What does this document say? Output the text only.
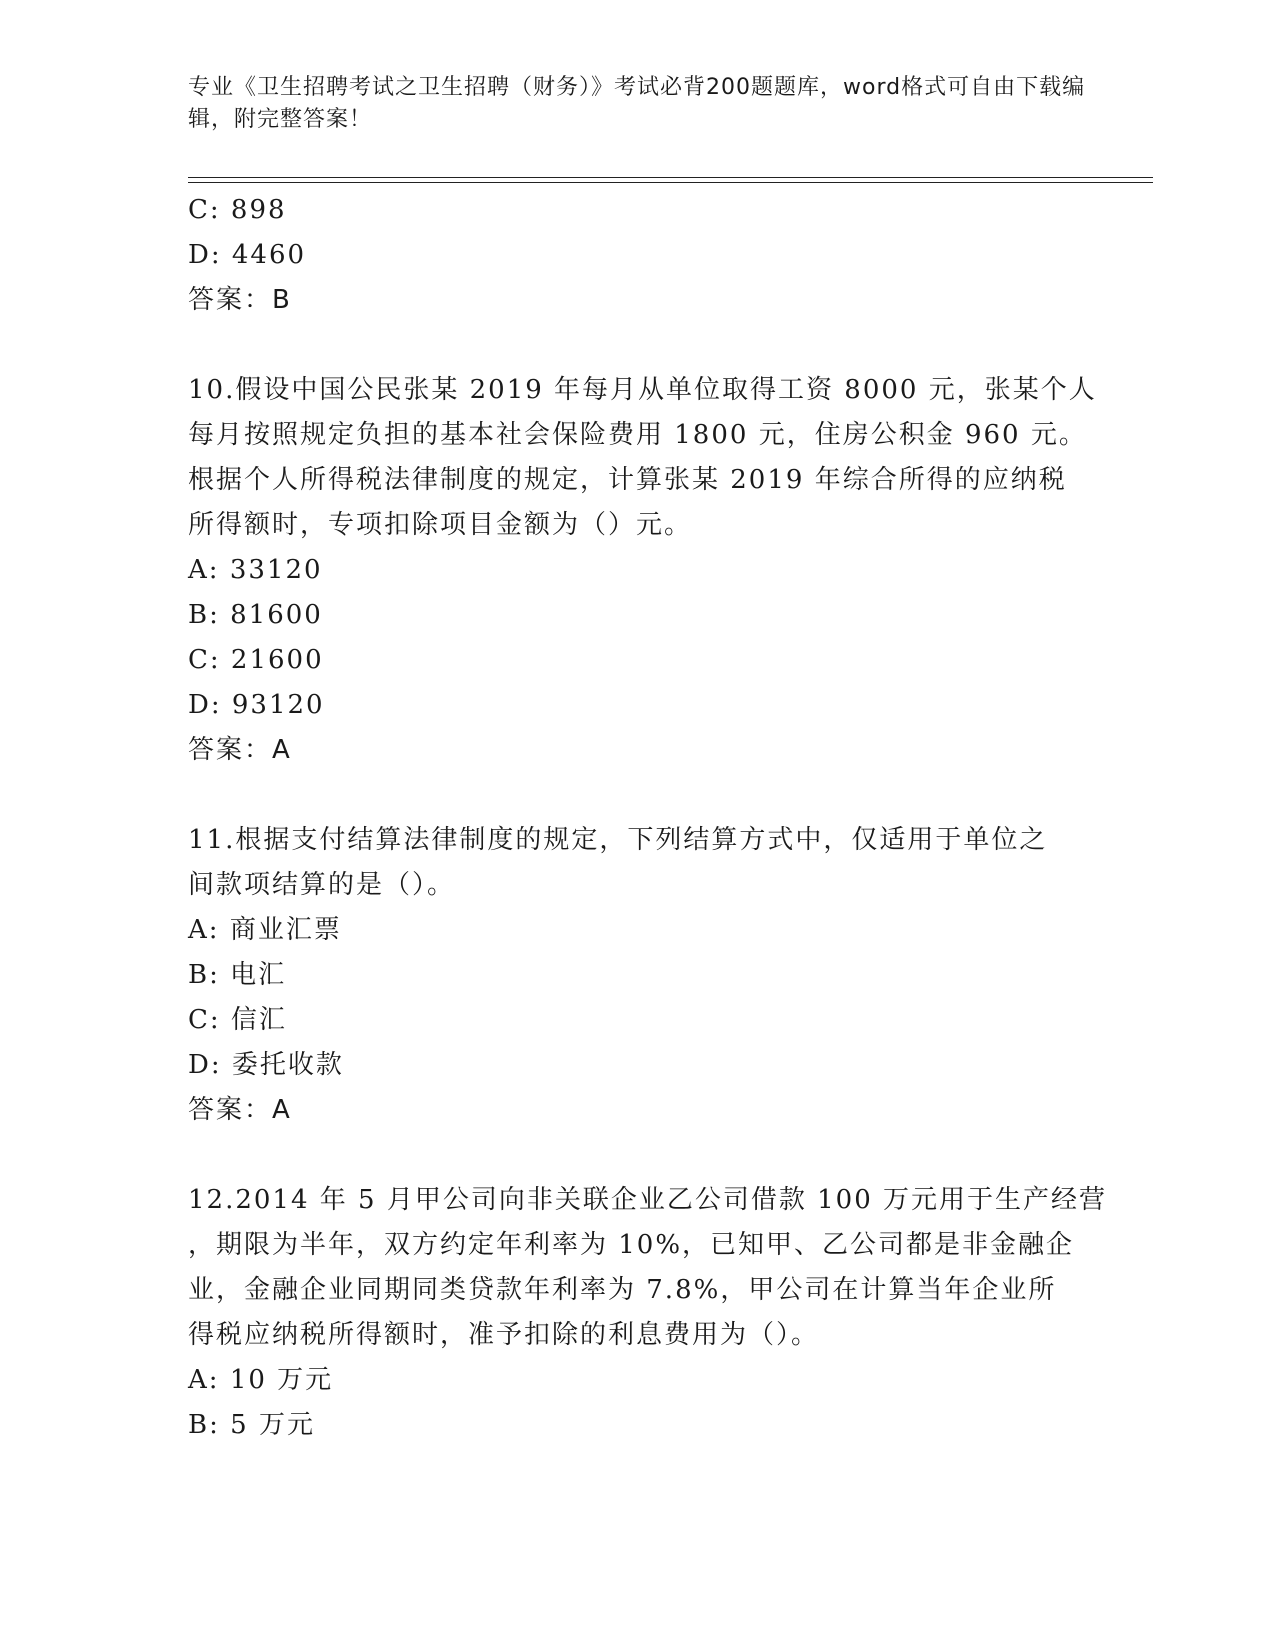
专业《卫生招聘考试之卫生招聘（财务）》考试必背200题题库，word格式可自由下载编辑，附完整答案！
C: 898
D: 4460
答案：B
10.假设中国公民张某 2019 年每月从单位取得工资 8000 元，张某个人
每月按照规定负担的基本社会保险费用 1800 元，住房公积金 960 元。
根据个人所得税法律制度的规定，计算张某 2019 年综合所得的应纳税
所得额时，专项扣除项目金额为（）元。
A: 33120
B: 81600
C: 21600
D: 93120
答案：A
11.根据支付结算法律制度的规定，下列结算方式中，仅适用于单位之
间款项结算的是（）。
A: 商业汇票
B: 电汇
C: 信汇
D: 委托收款
答案：A
12.2014 年 5 月甲公司向非关联企业乙公司借款 100 万元用于生产经营
，期限为半年，双方约定年利率为 10%，已知甲、乙公司都是非金融企
业，金融企业同期同类贷款年利率为 7.8%，甲公司在计算当年企业所
得税应纳税所得额时，准予扣除的利息费用为（）。
A: 10 万元
B: 5 万元
